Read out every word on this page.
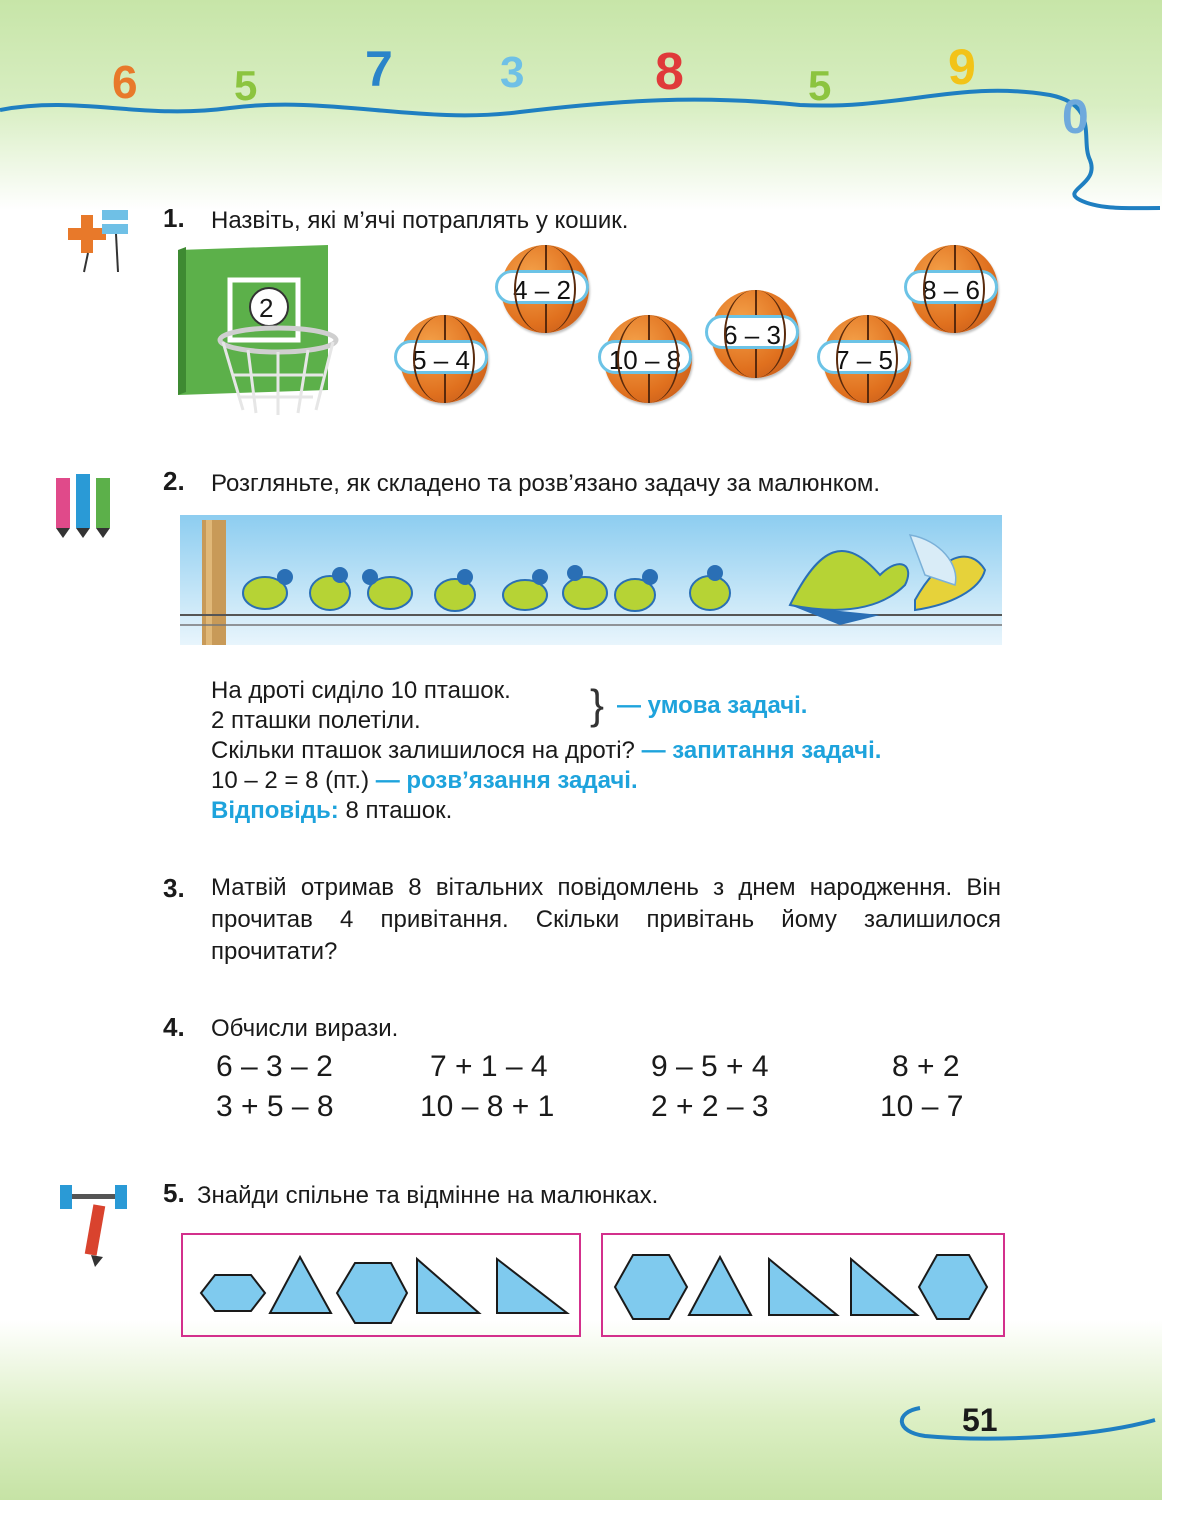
6 5 7 3	8	5 9
0
1. Назвіть, які м’ячі потраплять у кошик.
2
5 – 4
4 – 2
10 – 8
6 – 3
7 – 5
8 – 6
2. Розгляньте, як складено та розв’язано задачу за малюнком.
На дроті сиділо 10 пташок.
2 пташки полетіли.
Скільки пташок залишилося на дроті? — запитання задачі.
10 – 2 = 8 (пт.) — розв’язання задачі.
Відповідь: 8 пташок.
} — умова задачі.
3. Матвій отримав 8 вітальних повідомлень з днем народження. Він прочитав 4 привітання. Скільки привітань йому залишилося прочитати?
4. Обчисли вирази.
6 – 3 – 2	7 + 1 – 4	9 – 5 + 4	8 + 2
3 + 5 – 8	10 – 8 + 1	2 + 2 – 3	10 – 7
5. Знайди спільне та відмінне на малюнках.
51
